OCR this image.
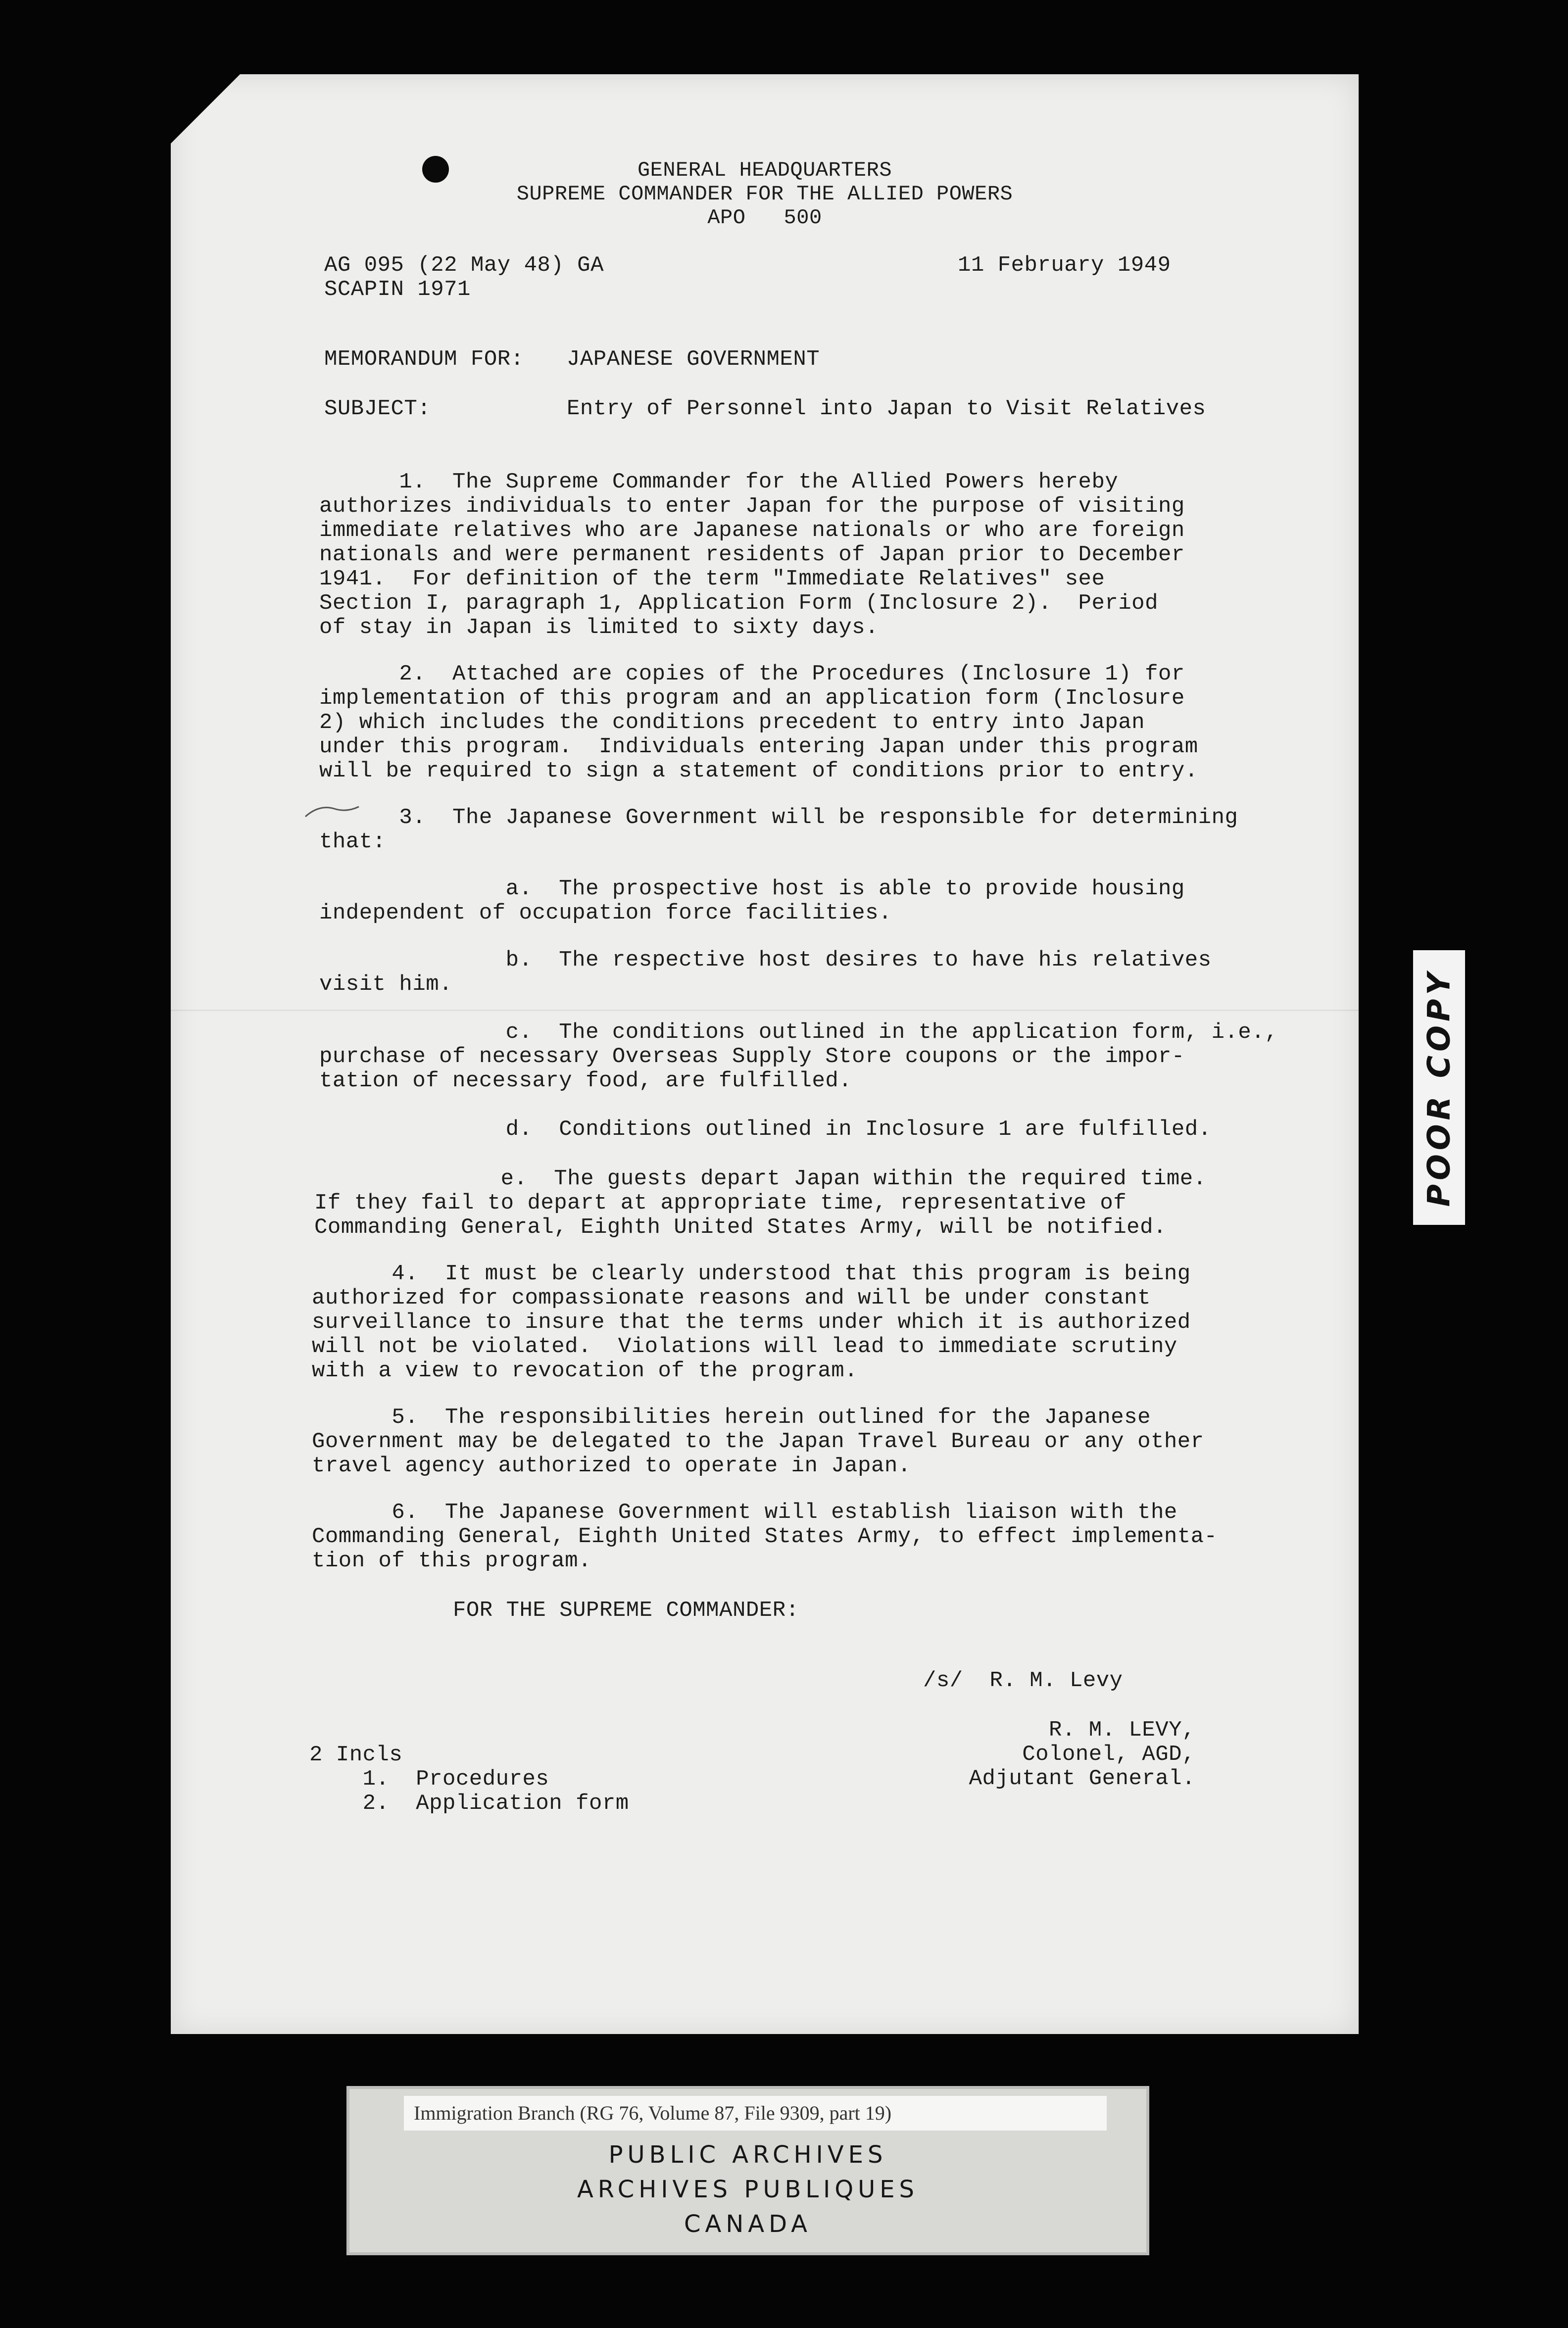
GENERAL HEADQUARTERS

SUPREME COMMANDER FOR THE ALLIED POWERS

APO   500

AG 095 (22 May 48) GA

SCAPIN 1971

11 February 1949

MEMORANDUM FOR: JAPANESE GOVERNMENT

SUBJECT:	Entry of Personnel into Japan to Visit Relatives

1.  The Supreme Commander for the Allied Powers hereby
authorizes individuals to enter Japan for the purpose of visiting
immediate relatives who are Japanese nationals or who are foreign
nationals and were permanent residents of Japan prior to December
1941.  For definition of the term "Immediate Relatives" see
Section I, paragraph 1, Application Form (Inclosure 2).  Period
of stay in Japan is limited to sixty days.

2.  Attached are copies of the Procedures (Inclosure 1) for
implementation of this program and an application form (Inclosure
2) which includes the conditions precedent to entry into Japan
under this program.  Individuals entering Japan under this program
will be required to sign a statement of conditions prior to entry.

3.  The Japanese Government will be responsible for determining
that:

a.  The prospective host is able to provide housing
independent of occupation force facilities.

b.  The respective host desires to have his relatives
visit him.

c.  The conditions outlined in the application form, i.e.,
purchase of necessary Overseas Supply Store coupons or the impor-
tation of necessary food, are fulfilled.

d.  Conditions outlined in Inclosure 1 are fulfilled.

e.  The guests depart Japan within the required time.
If they fail to depart at appropriate time, representative of
Commanding General, Eighth United States Army, will be notified.

4.  It must be clearly understood that this program is being
authorized for compassionate reasons and will be under constant
surveillance to insure that the terms under which it is authorized
will not be violated.  Violations will lead to immediate scrutiny
with a view to revocation of the program.

5.  The responsibilities herein outlined for the Japanese
Government may be delegated to the Japan Travel Bureau or any other
travel agency authorized to operate in Japan.

6.  The Japanese Government will establish liaison with the
Commanding General, Eighth United States Army, to effect implementa-
tion of this program.

FOR THE SUPREME COMMANDER:

/s/  R. M. Levy

R. M. LEVY,
Colonel, AGD,
Adjutant General.

2 Incls
1.  Procedures
2.  Application form

POOR COPY
Immigration Branch (RG 76, Volume 87, File 9309, part 19)

PUBLIC ARCHIVES

ARCHIVES PUBLIQUES

CANADA
